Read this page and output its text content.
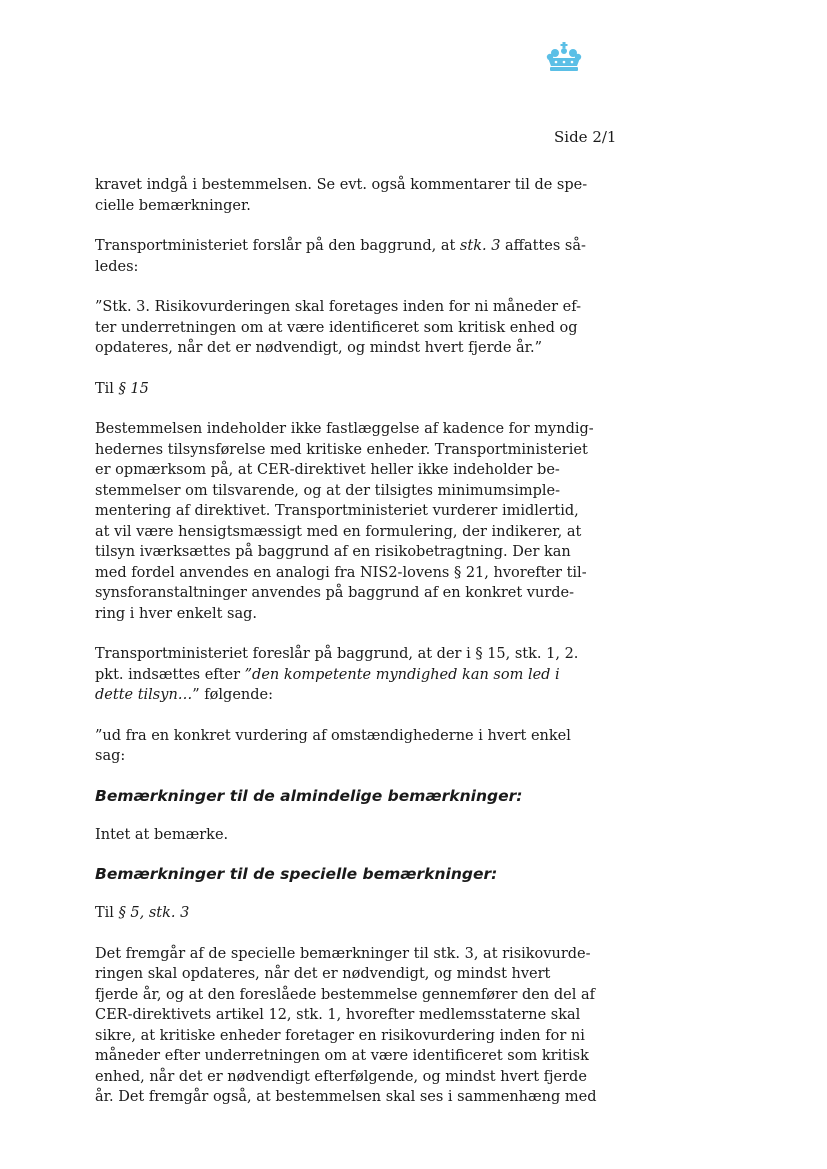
Side 2/1

kravet indgå i bestemmelsen. Se evt. også kommentarer til de spe-
cielle bemærkninger.

Transportministeriet forslår på den baggrund, at stk. 3 affattes så-
ledes:

”Stk. 3. Risikovurderingen skal foretages inden for ni måneder ef-
ter underretningen om at være identificeret som kritisk enhed og
opdateres, når det er nødvendigt, og mindst hvert fjerde år.”

Til § 15

Bestemmelsen indeholder ikke fastlæggelse af kadence for myndig-
hedernes tilsynsførelse med kritiske enheder. Transportministeriet
er opmærksom på, at CER-direktivet heller ikke indeholder be-
stemmelser om tilsvarende, og at der tilsigtes minimumsimple-
mentering af direktivet. Transportministeriet vurderer imidlertid,
at vil være hensigtsmæssigt med en formulering, der indikerer, at
tilsyn iværksættes på baggrund af en risikobetragtning. Der kan
med fordel anvendes en analogi fra NIS2-lovens § 21, hvorefter til-
synsforanstaltninger anvendes på baggrund af en konkret vurde-
ring i hver enkelt sag.

Transportministeriet foreslår på baggrund, at der i § 15, stk. 1, 2.
pkt. indsættes efter ”den kompetente myndighed kan som led i
dette tilsyn…” følgende:

”ud fra en konkret vurdering af omstændighederne i hvert enkel
sag:

Bemærkninger til de almindelige bemærkninger:

Intet at bemærke.

Bemærkninger til de specielle bemærkninger:

Til § 5, stk. 3

Det fremgår af de specielle bemærkninger til stk. 3, at risikovurde-
ringen skal opdateres, når det er nødvendigt, og mindst hvert
fjerde år, og at den foreslåede bestemmelse gennemfører den del af
CER-direktivets artikel 12, stk. 1, hvorefter medlemsstaterne skal
sikre, at kritiske enheder foretager en risikovurdering inden for ni
måneder efter underretningen om at være identificeret som kritisk
enhed, når det er nødvendigt efterfølgende, og mindst hvert fjerde
år. Det fremgår også, at bestemmelsen skal ses i sammenhæng med
